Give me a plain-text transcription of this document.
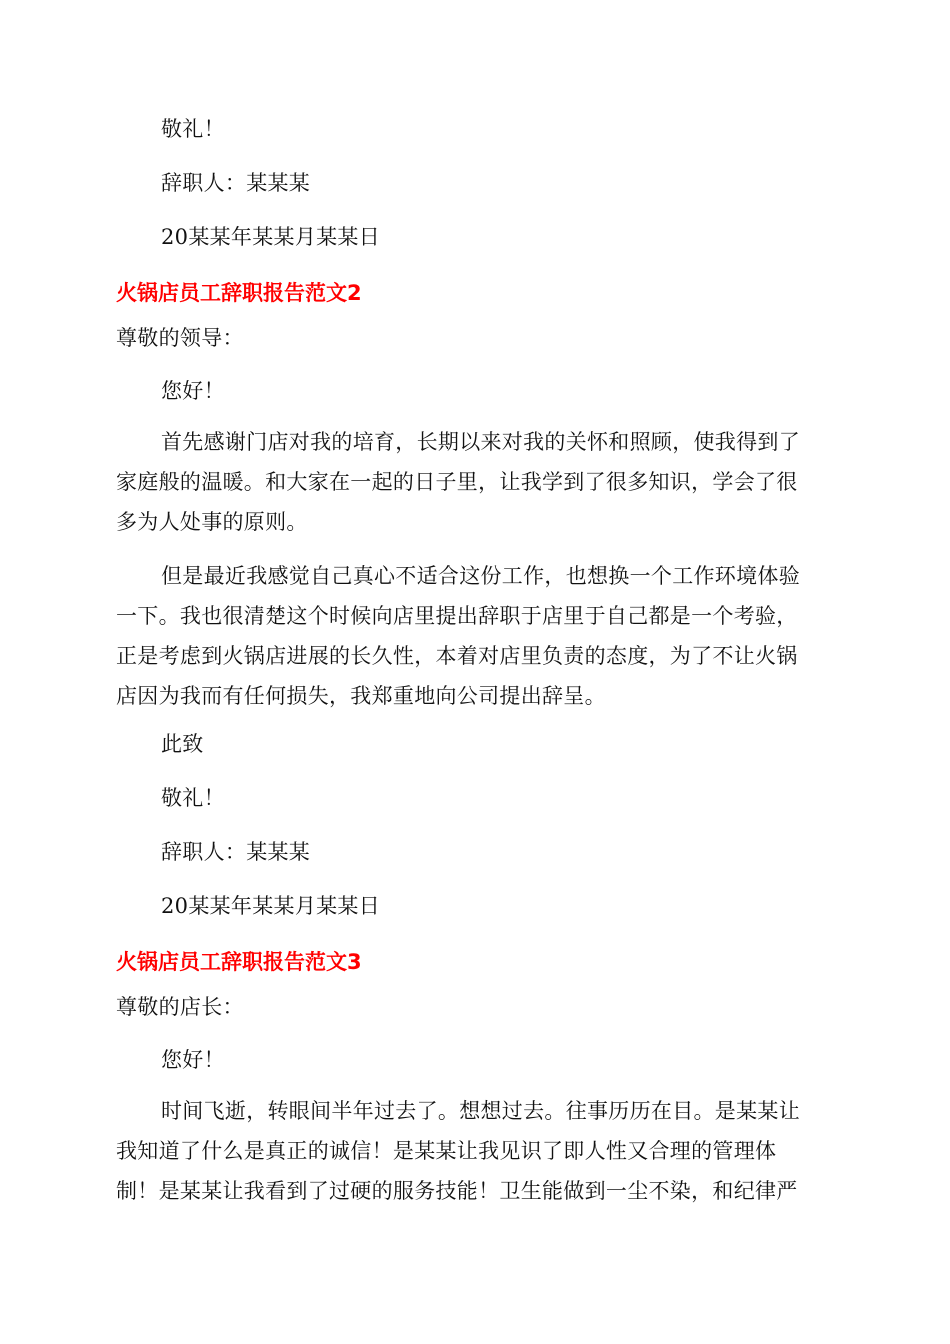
敬礼！
辞职人：某某某
20某某年某某月某某日
火锅店员工辞职报告范文2
尊敬的领导：
您好！
首先感谢门店对我的培育，长期以来对我的关怀和照顾，使我得到了
家庭般的温暖。和大家在一起的日子里，让我学到了很多知识，学会了很
多为人处事的原则。
但是最近我感觉自己真心不适合这份工作，也想换一个工作环境体验
一下。我也很清楚这个时候向店里提出辞职于店里于自己都是一个考验，
正是考虑到火锅店进展的长久性，本着对店里负责的态度，为了不让火锅
店因为我而有任何损失，我郑重地向公司提出辞呈。
此致
敬礼！
辞职人：某某某
20某某年某某月某某日
火锅店员工辞职报告范文3
尊敬的店长：
您好！
时间飞逝，转眼间半年过去了。想想过去。往事历历在目。是某某让
我知道了什么是真正的诚信！是某某让我见识了即人性又合理的管理体
制！是某某让我看到了过硬的服务技能！卫生能做到一尘不染，和纪律严
